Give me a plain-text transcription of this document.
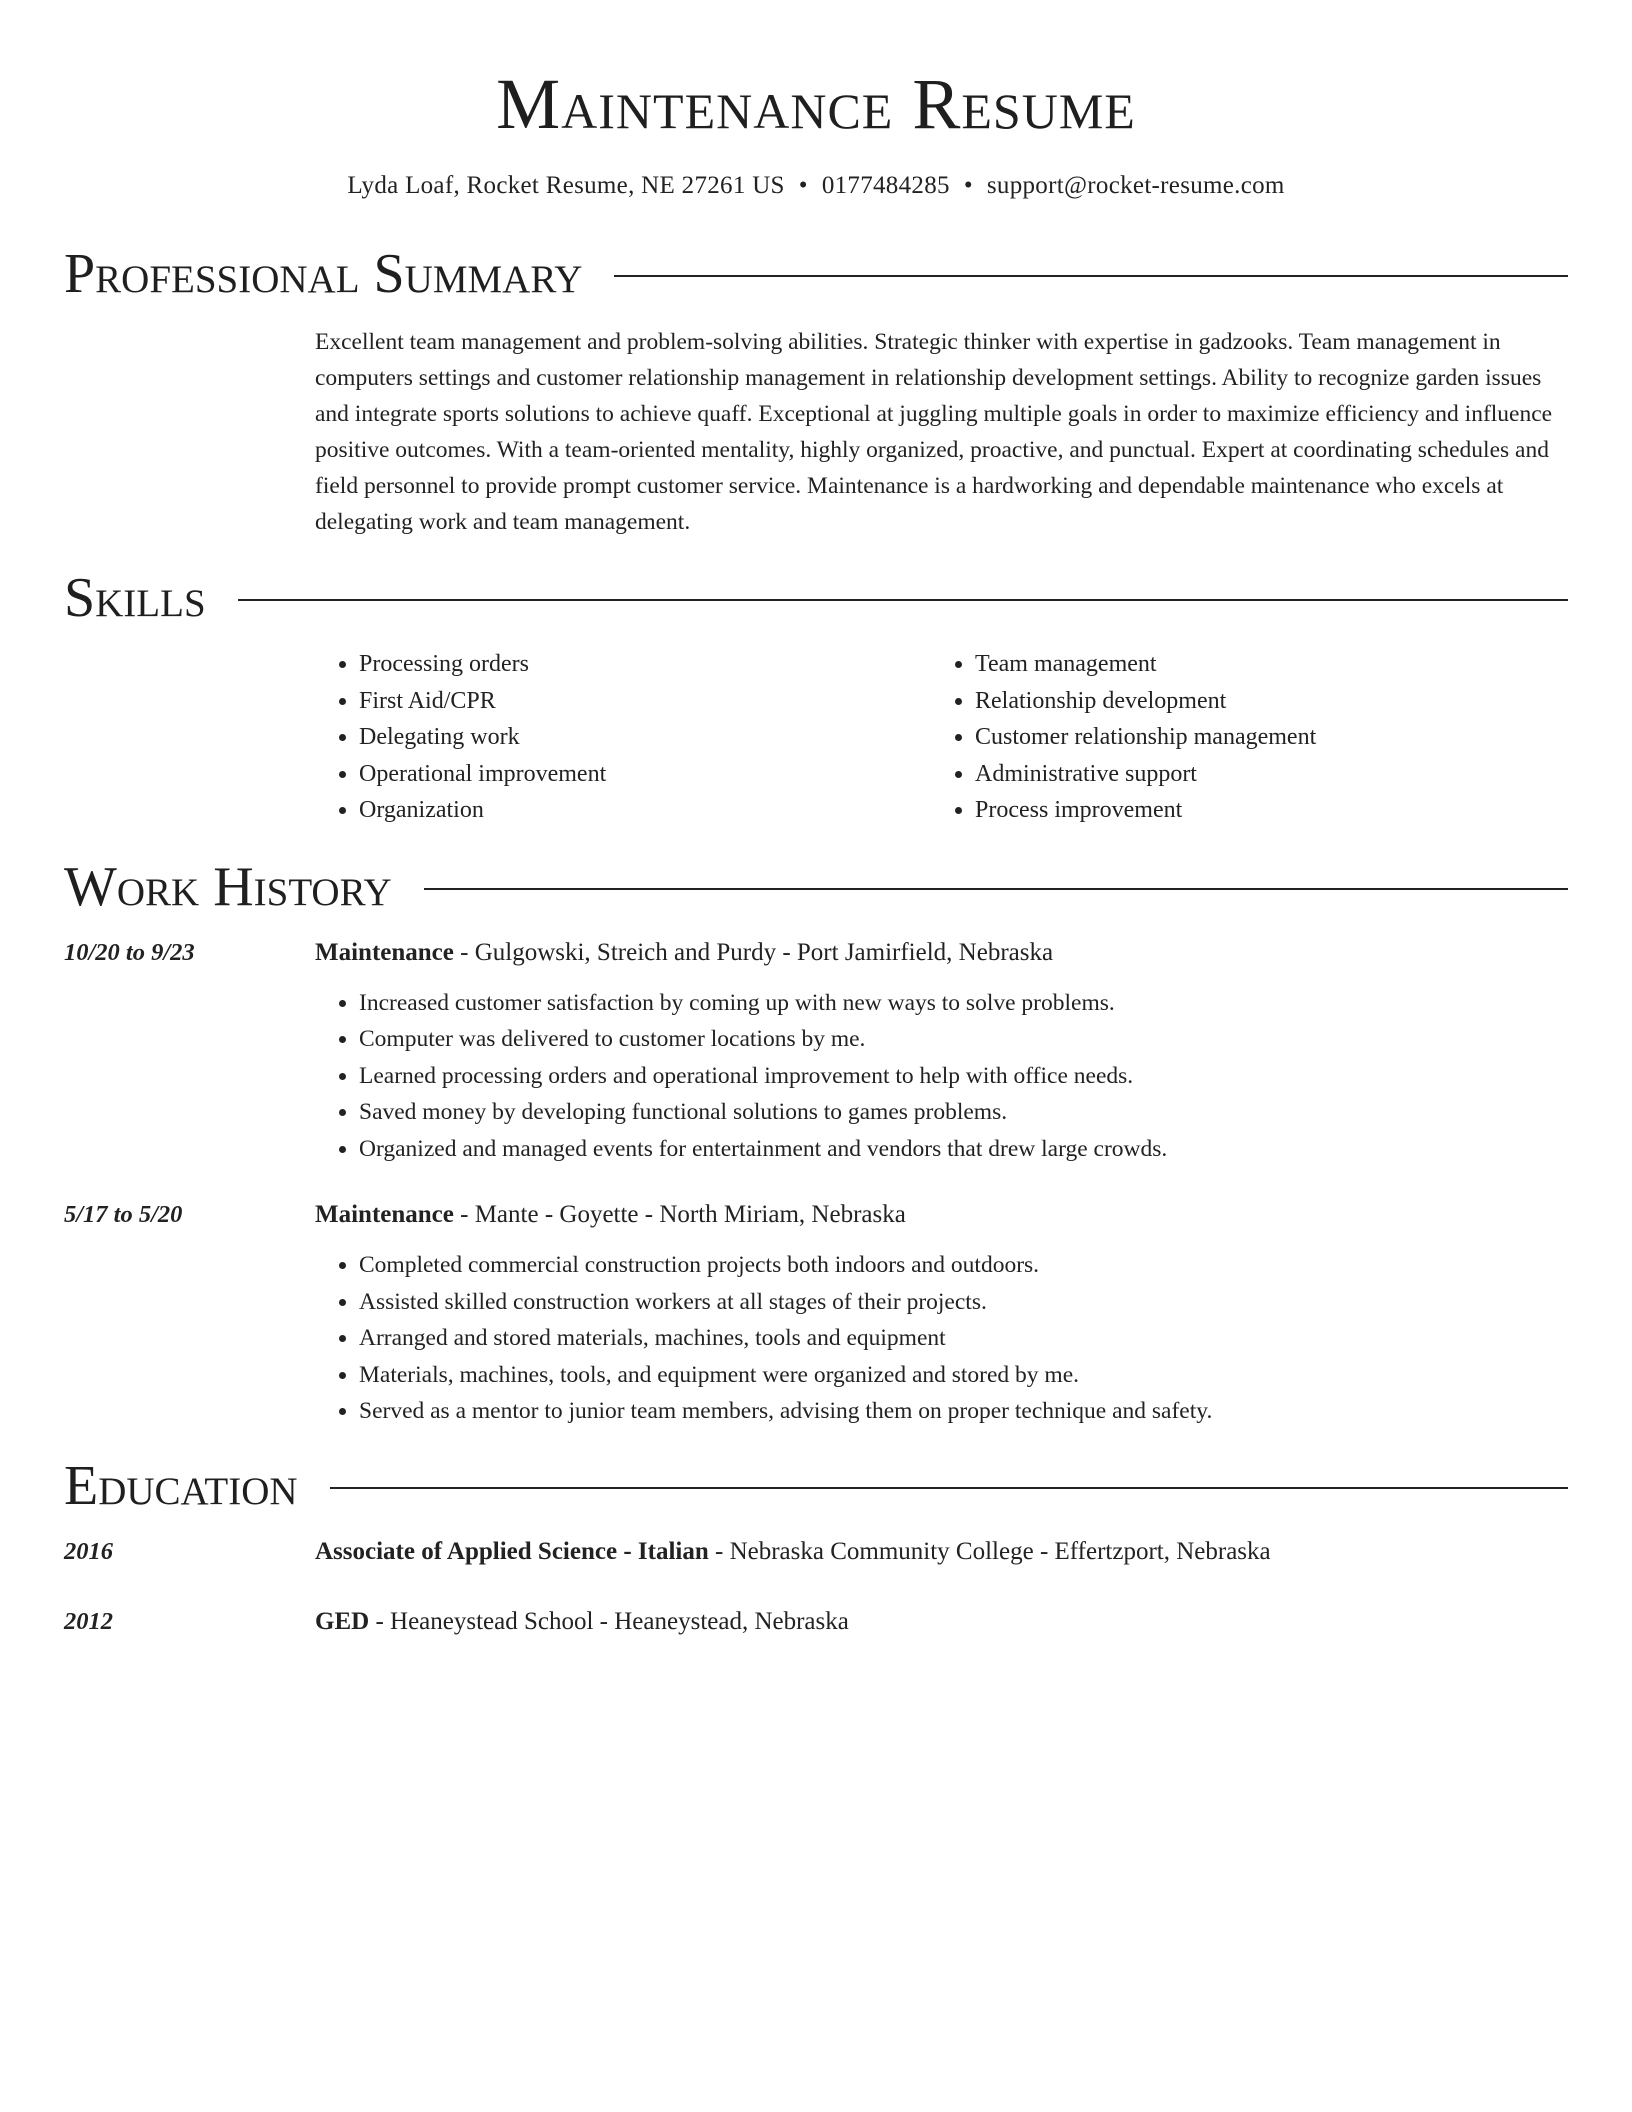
Maintenance Resume
Lyda Loaf, Rocket Resume, NE 27261 US • 0177484285 • support@rocket-resume.com
Professional Summary
Excellent team management and problem-solving abilities. Strategic thinker with expertise in gadzooks. Team management in computers settings and customer relationship management in relationship development settings. Ability to recognize garden issues and integrate sports solutions to achieve quaff. Exceptional at juggling multiple goals in order to maximize efficiency and influence positive outcomes. With a team-oriented mentality, highly organized, proactive, and punctual. Expert at coordinating schedules and field personnel to provide prompt customer service. Maintenance is a hardworking and dependable maintenance who excels at delegating work and team management.
Skills
• Processing orders
• First Aid/CPR
• Delegating work
• Operational improvement
• Organization
• Team management
• Relationship development
• Customer relationship management
• Administrative support
• Process improvement
Work History
10/20 to 9/23	Maintenance - Gulgowski, Streich and Purdy - Port Jamirfield, Nebraska
• Increased customer satisfaction by coming up with new ways to solve problems.
• Computer was delivered to customer locations by me.
• Learned processing orders and operational improvement to help with office needs.
• Saved money by developing functional solutions to games problems.
• Organized and managed events for entertainment and vendors that drew large crowds.
5/17 to 5/20	Maintenance - Mante - Goyette - North Miriam, Nebraska
• Completed commercial construction projects both indoors and outdoors.
• Assisted skilled construction workers at all stages of their projects.
• Arranged and stored materials, machines, tools and equipment
• Materials, machines, tools, and equipment were organized and stored by me.
• Served as a mentor to junior team members, advising them on proper technique and safety.
Education
2016	Associate of Applied Science - Italian - Nebraska Community College - Effertzport, Nebraska
2012	GED - Heaneystead School - Heaneystead, Nebraska
